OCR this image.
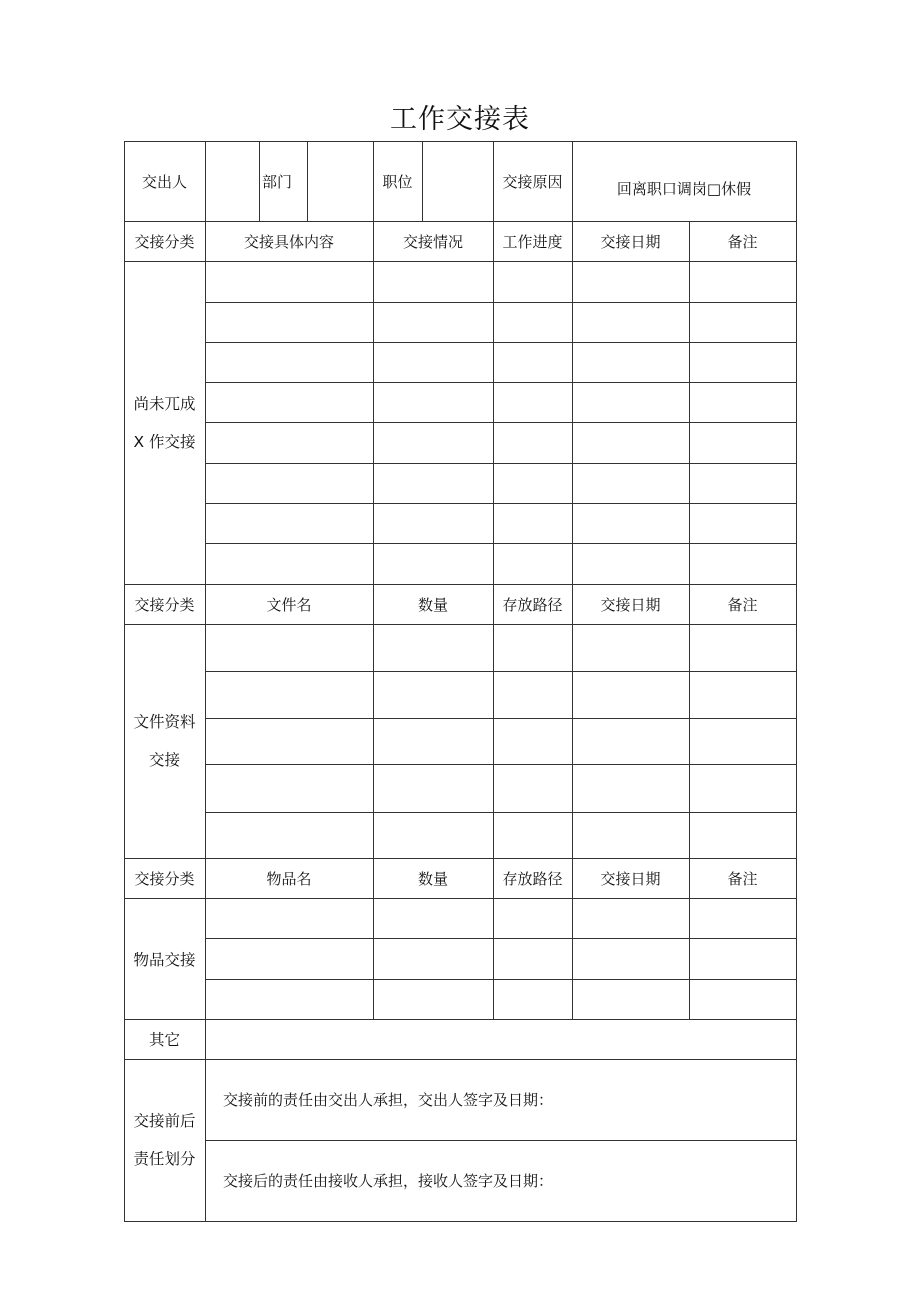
工作交接表
交出人	部门	职位	交接原因	回离职口调岗□休假
交接分类	交接具体内容	交接情况	工作进度	交接日期	备注
尚未兀成
X 作交接
交接分类	文件名	数量	存放路径	交接日期	备注
文件资料
交接
交接分类	物品名	数量	存放路径	交接日期	备注
物品交接
其它
交接前后
责任划分
交接前的责任由交出人承担，交出人签字及日期：
交接后的责任由接收人承担，接收人签字及日期：
